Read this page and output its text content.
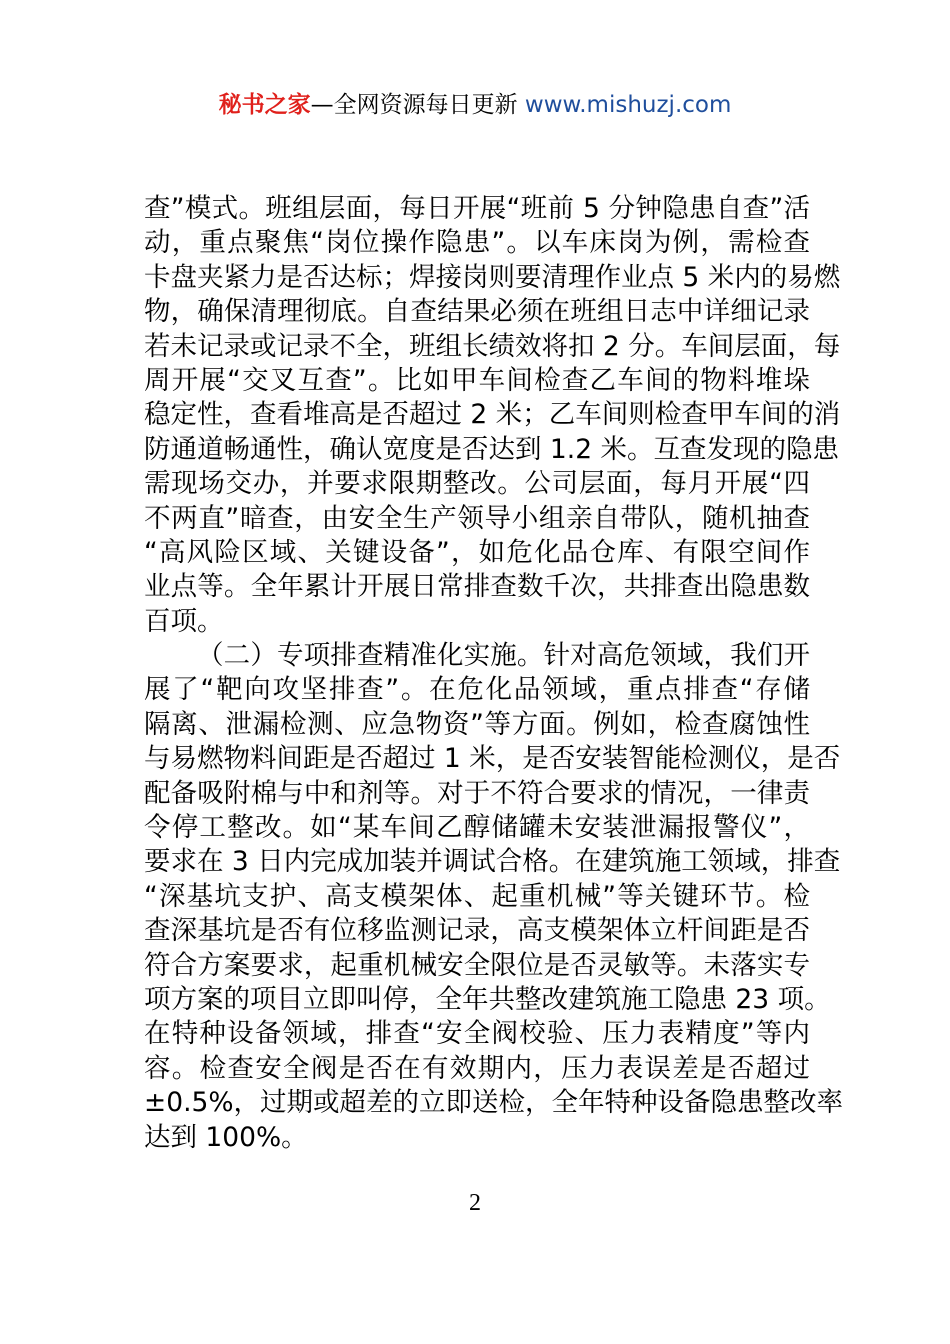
秘书之家—全网资源每日更新 www.mishuzj.com
查”模式。班组层面，每日开展“班前 5 分钟隐患自查”活
动，重点聚焦“岗位操作隐患”。以车床岗为例，需检查
卡盘夹紧力是否达标；焊接岗则要清理作业点 5 米内的易燃
物，确保清理彻底。自查结果必须在班组日志中详细记录
若未记录或记录不全，班组长绩效将扣 2 分。车间层面，每
周开展“交叉互查”。比如甲车间检查乙车间的物料堆垛
稳定性，查看堆高是否超过 2 米；乙车间则检查甲车间的消
防通道畅通性，确认宽度是否达到 1.2 米。互查发现的隐患
需现场交办，并要求限期整改。公司层面，每月开展“四
不两直”暗查，由安全生产领导小组亲自带队，随机抽查
“高风险区域、关键设备”，如危化品仓库、有限空间作
业点等。全年累计开展日常排查数千次，共排查出隐患数
百项。
（二）专项排查精准化实施。针对高危领域，我们开
展了“靶向攻坚排查”。在危化品领域，重点排查“存储
隔离、泄漏检测、应急物资”等方面。例如，检查腐蚀性
与易燃物料间距是否超过 1 米，是否安装智能检测仪，是否
配备吸附棉与中和剂等。对于不符合要求的情况，一律责
令停工整改。如“某车间乙醇储罐未安装泄漏报警仪”，
要求在 3 日内完成加装并调试合格。在建筑施工领域，排查
“深基坑支护、高支模架体、起重机械”等关键环节。检
查深基坑是否有位移监测记录，高支模架体立杆间距是否
符合方案要求，起重机械安全限位是否灵敏等。未落实专
项方案的项目立即叫停，全年共整改建筑施工隐患 23 项。
在特种设备领域，排查“安全阀校验、压力表精度”等内
容。检查安全阀是否在有效期内，压力表误差是否超过
±0.5%，过期或超差的立即送检，全年特种设备隐患整改率
达到 100%。
2
